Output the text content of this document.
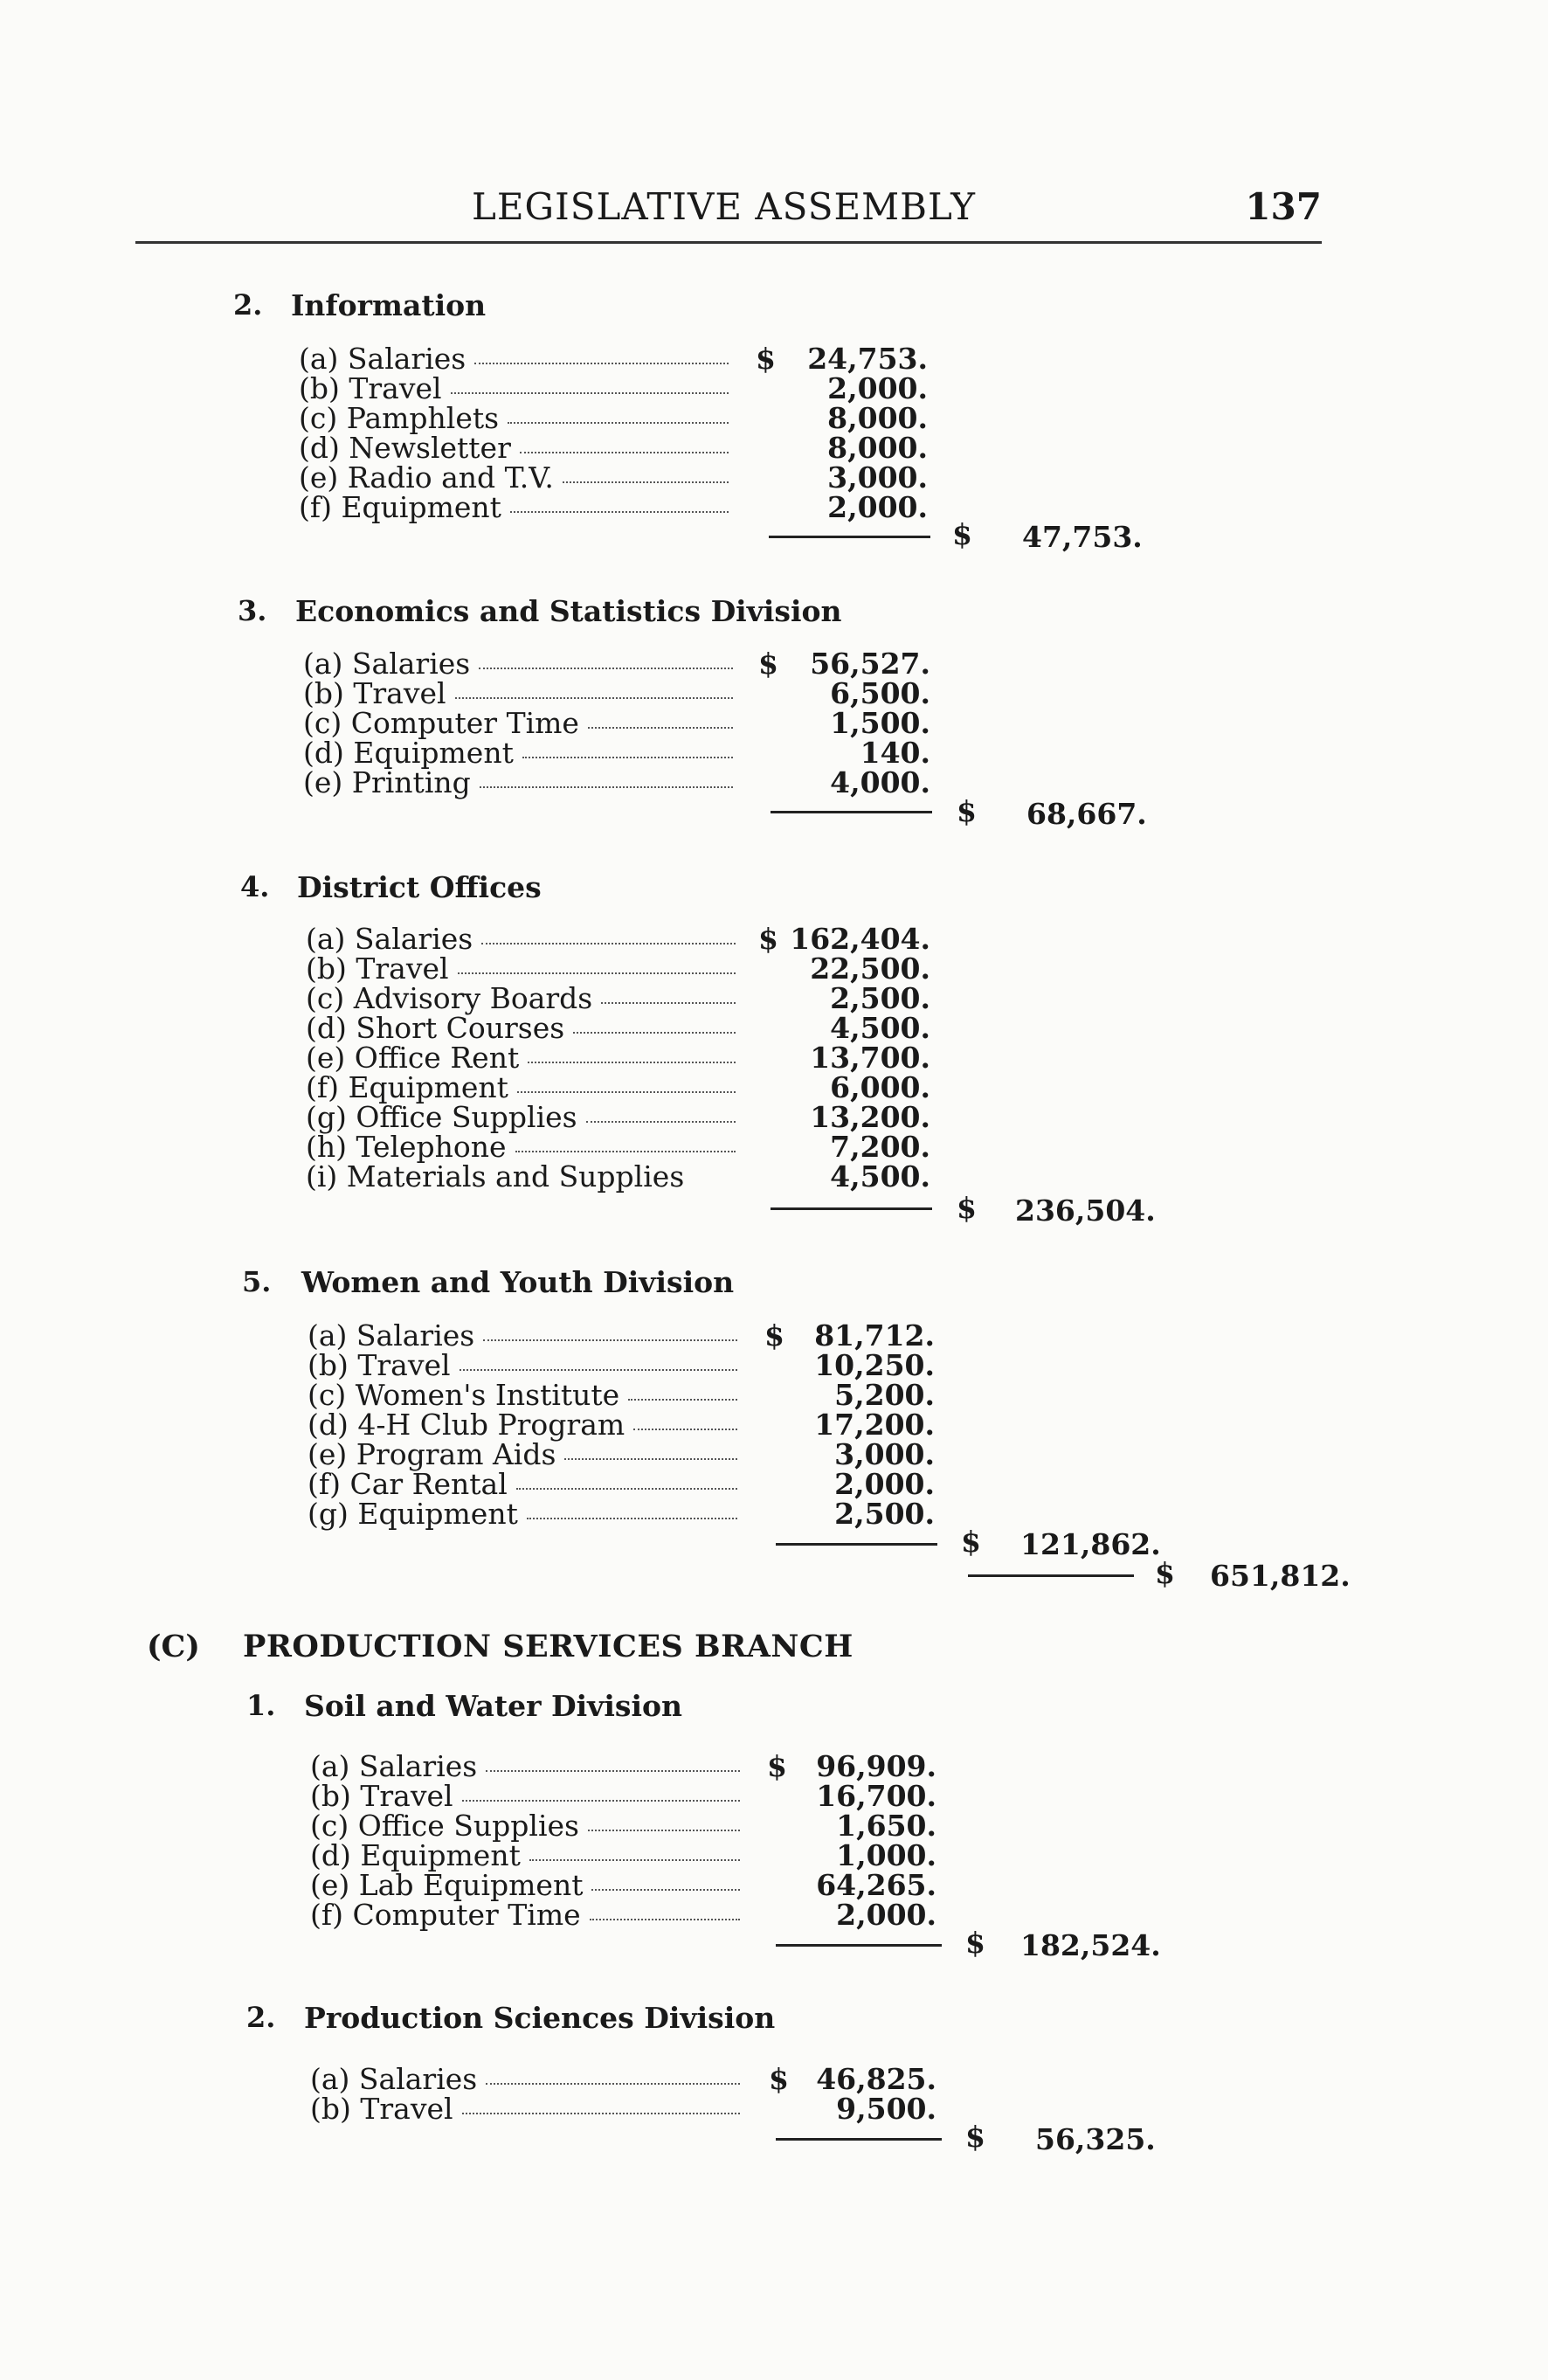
LEGISLATIVE ASSEMBLY	137
2. Information
(a) Salaries	$	24,753.
(b) Travel	2,000.
(c) Pamphlets	8,000.
(d) Newsletter	8,000.
(e) Radio and T.V.	3,000.
(f) Equipment	2,000.
$ 47,753.
3. Economics and Statistics Division
(a) Salaries	$	56,527.
(b) Travel	6,500.
(c) Computer Time	1,500.
(d) Equipment	140.
(e) Printing	4,000.
$ 68,667.
4. District Offices
(a) Salaries	$ 162,404.
(b) Travel	22,500.
(c) Advisory Boards	2,500.
(d) Short Courses	4,500.
(e) Office Rent	13,700.
(f) Equipment	6,000.
(g) Office Supplies	13,200.
(h) Telephone	7,200.
(i) Materials and Supplies	4,500.
$ 236,504.
5. Women and Youth Division
(a) Salaries	$	81,712.
(b) Travel	10,250.
(c) Women's Institute	5,200.
(d) 4-H Club Program	17,200.
(e) Program Aids	3,000.
(f) Car Rental	2,000.
(g) Equipment	2,500.
$ 121,862.
$ 651,812.
(C) PRODUCTION SERVICES BRANCH
1. Soil and Water Division
(a) Salaries	$	96,909.
(b) Travel	16,700.
(c) Office Supplies	1,650.
(d) Equipment	1,000.
(e) Lab Equipment	64,265.
(f) Computer Time	2,000.
$ 182,524.
2. Production Sciences Division
(a) Salaries	$ 46,825.
(b) Travel	9,500.
$ 56,325.
